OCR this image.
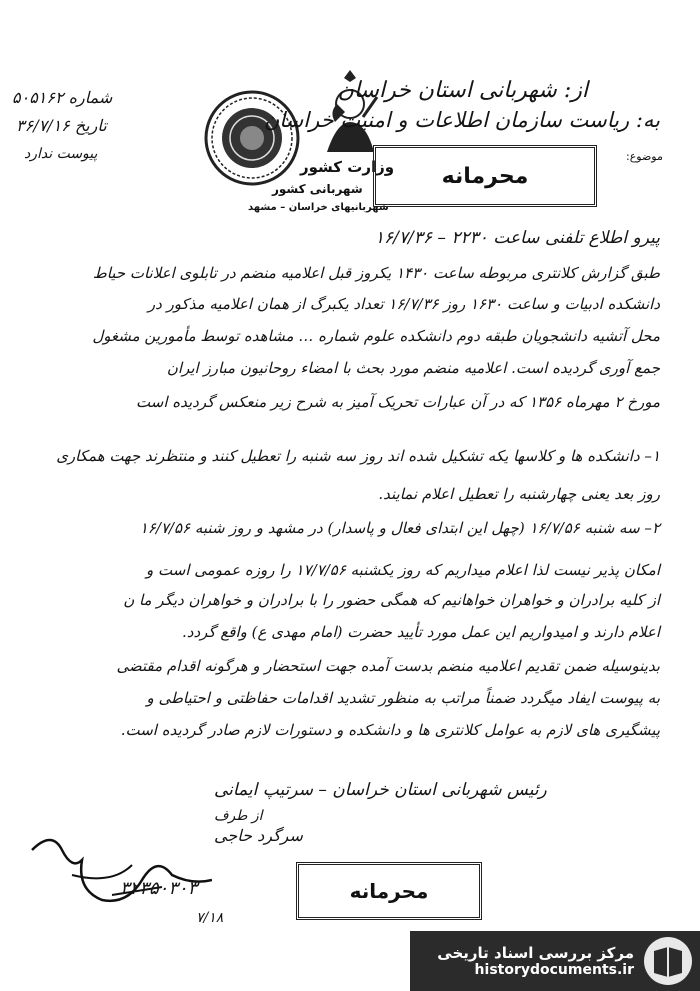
شماره ۵۰۵۱۶۲
تاریخ ۳۶/۷/۱۶
پیوست ندارد
وزارت کشور
شهربانی کشور
شهربانیهای خراسان – مشهد
محرمانه
از: شهربانی استان خراسان
به: ریاست سازمان اطلاعات و امنیت خراسان
موضوع:
پیرو اطلاع تلفنی ساعت ۲۲۳۰ – ۱۶/۷/۳۶
طبق گزارش کلانتری مربوطه ساعت ۱۴۳۰ یکروز قبل اعلامیه منضم در تابلوی اعلانات حیاط
دانشکده ادبیات و ساعت ۱۶۳۰ روز ۱۶/۷/۳۶ تعداد یکبرگ از همان اعلامیه مذکور در
محل آتشیه دانشجویان طبقه دوم دانشکده علوم شماره … مشاهده توسط مأمورین مشغول
جمع آوری گردیده است. اعلامیه منضم مورد بحث با امضاء روحانیون مبارز ایران
مورخ ۲ مهرماه ۱۳۵۶ که در آن عبارات تحریک آمیز به شرح زیر منعکس گردیده است
۱– دانشکده ها و کلاسها یکه تشکیل شده اند روز سه شنبه را تعطیل کنند و منتظرند جهت همکاری
روز بعد یعنی چهارشنبه را تعطیل اعلام نمایند.
۲– سه شنبه ۱۶/۷/۵۶ (چهل این ابتدای فعال و پاسدار) در مشهد و روز شنبه ۱۶/۷/۵۶
امکان پذیر نیست لذا اعلام میداریم که روز یکشنبه ۱۷/۷/۵۶ را روزه عمومی است و
از کلیه برادران و خواهران خواهانیم که همگی حضور را با برادران و خواهران دیگر ما ن
اعلام دارند و امیدواریم این عمل مورد تأیید حضرت (امام مهدی ع) واقع گردد.
بدینوسیله ضمن تقدیم اعلامیه منضم بدست آمده جهت استحضار و هرگونه اقدام مقتضی
به پیوست ایفاد میگردد ضمناً مراتب به منظور تشدید اقدامات حفاظتی و احتیاطی و
پیشگیری های لازم به عوامل کلانتری ها و دانشکده و دستورات لازم صادر گردیده است.
رئیس شهربانی استان خراسان – سرتیپ ایمانی
از طرف
سرگرد حاجی
۳۲۳۵۰۳۰۳
۷/۱۸
محرمانه
مرکز بررسی اسناد تاریخی
historydocuments.ir
